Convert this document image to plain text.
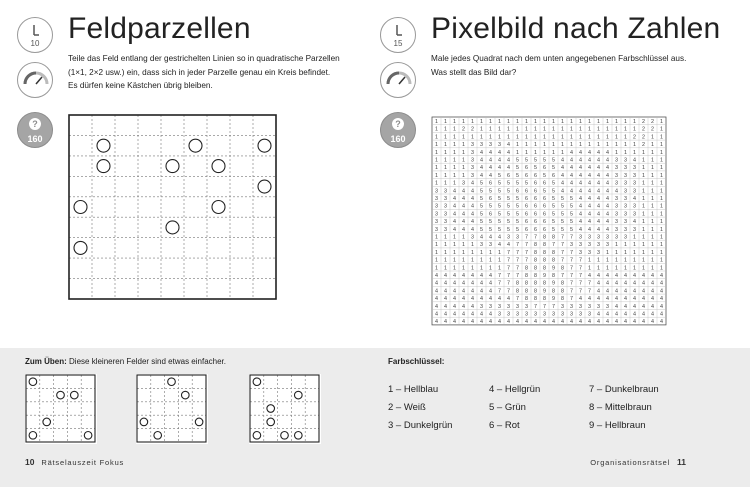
10
?
160
Feldparzellen
Teile das Feld entlang der gestrichelten Linien so in quadratische Parzellen (1×1, 2×2 usw.) ein, dass sich in jeder Parzelle genau ein Kreis befindet. Es dürfen keine Kästchen übrig bleiben.
15
?
160
Pixelbild nach Zahlen
Male jedes Quadrat nach dem unten angegebenen Farbschlüssel aus. Was stellt das Bild dar?
1 1 1 1 1 1 1 1 1 1 1 1 1 1 1 1 1 1 1 1 1 1 1 2 2 1
1 1 1 2 2 1 1 1 1 1 1 1 1 1 1 1 1 1 1 1 1 1 1 2 2 1
1 1 1 1 1 1 1 1 1 1 1 1 1 1 1 1 1 1 1 1 1 1 2 2 1 1
1 1 1 1 3 3 3 3 4 1 1 1 1 1 1 1 1 1 1 1 1 1 1 2 1 1
1 1 1 1 3 4 4 4 4 1 1 1 1 1 1 4 4 4 4 4 1 1 1 1 1 1
1 1 1 1 3 4 4 4 4 5 5 5 5 5 4 4 4 4 4 4 3 3 4 1 1 1
1 1 1 1 3 4 4 4 4 5 6 5 6 5 4 4 4 4 4 4 3 3 3 1 1 1
1 1 1 1 3 4 4 5 6 5 6 6 5 6 4 4 4 4 4 4 3 3 3 1 1 1
1 1 1 3 4 5 6 5 5 5 5 6 6 5 4 4 4 4 4 4 3 3 3 1 1 1
3 3 4 4 4 5 5 5 5 6 6 6 5 5 4 4 4 4 4 4 4 3 3 1 1 1
3 3 4 4 4 5 6 5 5 5 6 6 6 5 5 5 4 4 4 4 3 3 4 1 1 1
3 3 4 4 4 5 5 5 5 5 6 6 6 5 5 5 4 4 4 4 3 3 3 1 1 1
3 3 4 4 4 5 6 5 5 5 6 6 6 5 5 5 4 4 4 4 3 3 3 1 1 1
3 3 4 4 4 5 5 5 5 5 6 6 6 5 5 5 4 4 4 4 3 3 4 1 1 1
3 3 4 4 4 5 5 5 5 5 6 6 6 5 5 5 4 4 4 4 3 3 3 1 1 1
1 1 1 1 3 4 4 4 3 3 7 7 8 8 7 7 3 3 3 3 3 3 1 1 1 1
1 1 1 1 1 3 3 4 4 7 7 8 8 7 7 3 3 3 3 3 1 1 1 1 1 1
1 1 1 1 1 1 1 1 7 7 7 8 8 8 7 7 3 3 3 1 1 1 1 1 1 1
1 1 1 1 1 1 1 1 7 7 7 8 8 8 7 7 7 1 1 1 1 1 1 1 1 1
1 1 1 1 1 1 1 1 7 7 8 8 8 9 8 7 7 1 1 1 1 1 1 1 1 1
4 4 4 4 4 4 4 7 7 7 8 8 9 8 7 7 7 4 4 4 4 4 4 4 4 4
4 4 4 4 4 4 4 7 7 8 8 8 8 9 8 7 7 7 4 4 4 4 4 4 4 4
4 4 4 4 4 4 4 7 7 8 8 8 9 8 8 7 7 7 4 4 4 4 4 4 4 4
4 4 4 4 4 4 4 4 4 7 8 8 8 9 8 7 4 4 4 4 4 4 4 4 4 4
4 4 4 4 4 3 3 3 3 3 3 7 7 7 3 3 3 3 3 3 4 4 4 4 4 4
4 4 4 4 4 4 4 3 3 3 3 3 3 3 3 3 3 3 4 4 4 4 4 4 4 4
4 4 4 4 4 4 4 4 4 4 4 4 4 4 4 4 4 4 4 4 4 4 4 4 4 4
Zum Üben: Diese kleineren Felder sind etwas einfacher.	Farbschlüssel:
1 – Hellblau
2 – Weiß
3 – Dunkelgrün
4 – Hellgrün
5 – Grün
6 – Rot
7 – Dunkelbraun
8 – Mittelbraun
9 – Hellbraun
10 Rätselauszeit Fokus	Organisationsrätsel 11
